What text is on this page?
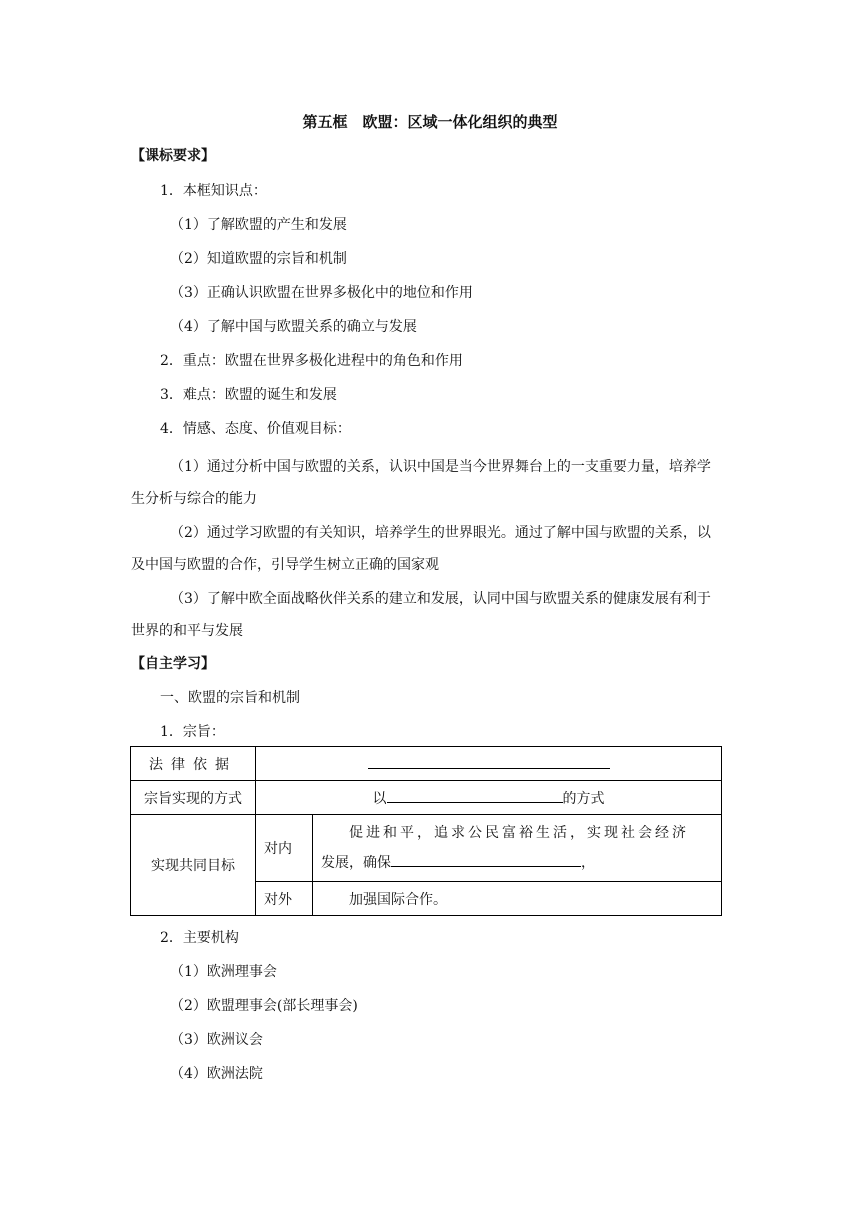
第五框　欧盟：区域一体化组织的典型
【课标要求】
1．本框知识点：
（1）了解欧盟的产生和发展
（2）知道欧盟的宗旨和机制
（3）正确认识欧盟在世界多极化中的地位和作用
（4）了解中国与欧盟关系的确立与发展
2．重点：欧盟在世界多极化进程中的角色和作用
3．难点：欧盟的诞生和发展
4．情感、态度、价值观目标：
（1）通过分析中国与欧盟的关系，认识中国是当今世界舞台上的一支重要力量，培养学生分析与综合的能力
（2）通过学习欧盟的有关知识，培养学生的世界眼光。通过了解中国与欧盟的关系，以及中国与欧盟的合作，引导学生树立正确的国家观
（3）了解中欧全面战略伙伴关系的建立和发展，认同中国与欧盟关系的健康发展有利于世界的和平与发展
【自主学习】
一、欧盟的宗旨和机制
1．宗旨：
法律依据		
宗旨实现的方式	以 的方式	
实现共同目标	对内	促进和平，追求公民富裕生活，实现社会经济
发展，确保 ，

	对外	加强国际合作。
2．主要机构
（1）欧洲理事会
（2）欧盟理事会(部长理事会)
（3）欧洲议会
（4）欧洲法院
